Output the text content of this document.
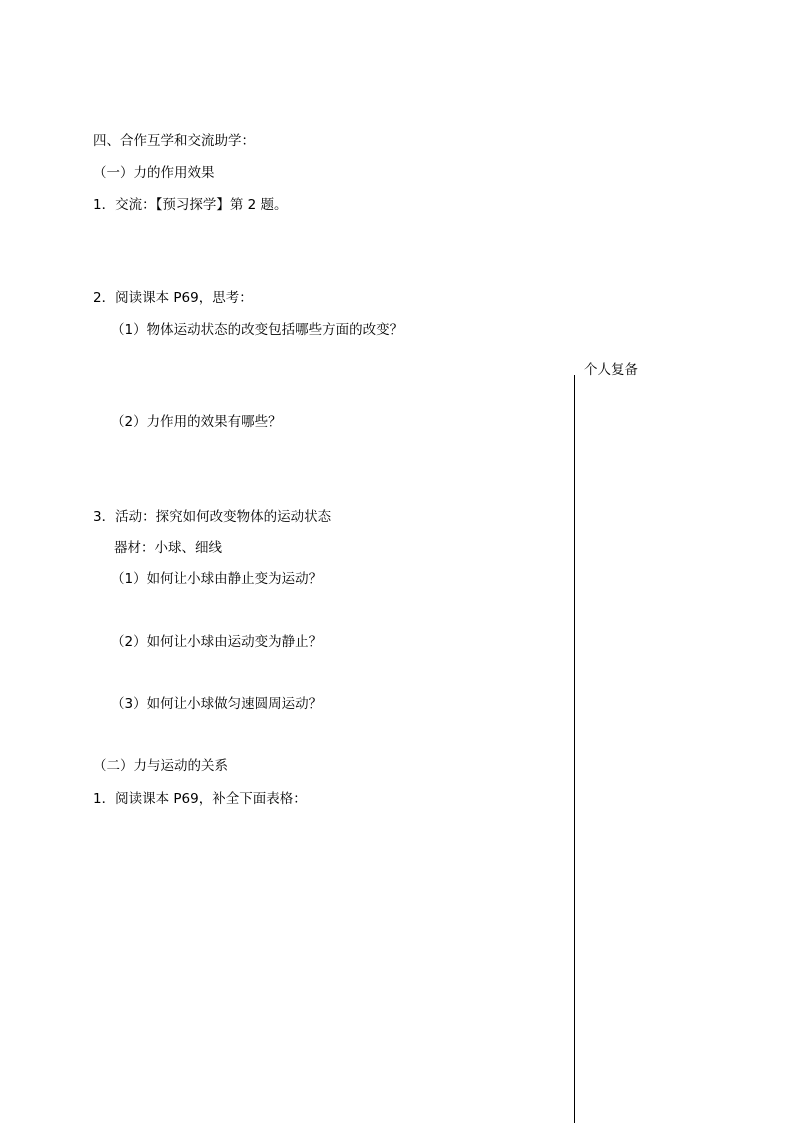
四、合作互学和交流助学：
（一）力的作用效果
1．交流：【预习探学】第 2 题。
2．阅读课本 P69，思考：
（1）物体运动状态的改变包括哪些方面的改变？
（2）力作用的效果有哪些？
3．活动：探究如何改变物体的运动状态
器材：小球、细线
（1）如何让小球由静止变为运动？
（2）如何让小球由运动变为静止？
（3）如何让小球做匀速圆周运动？
（二）力与运动的关系
1．阅读课本 P69，补全下面表格：
个人复备
